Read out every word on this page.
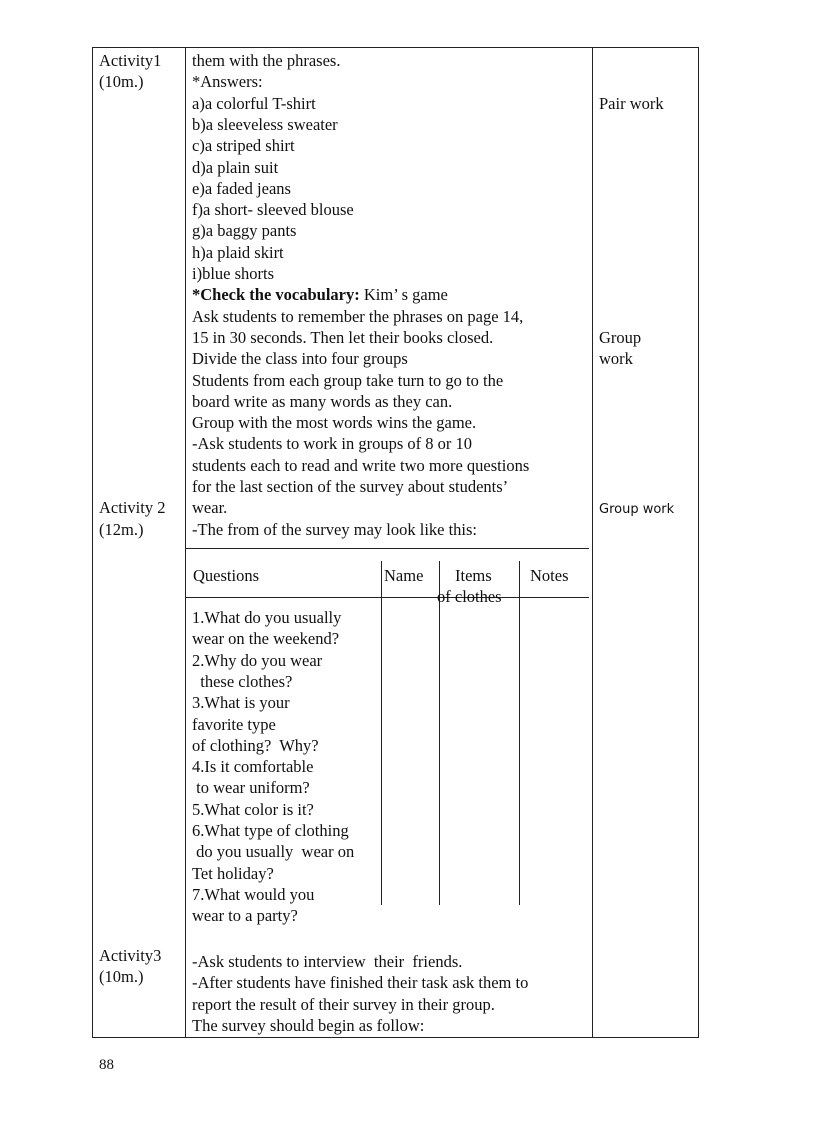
Activity1
(10m.)
Activity 2
(12m.)
Activity3
(10m.)
them with the phrases.
*Answers:
a)a colorful T-shirt
b)a sleeveless sweater
c)a striped shirt
d)a plain suit
e)a faded jeans
f)a short- sleeved blouse
g)a baggy pants
h)a plaid skirt
i)blue shorts
*Check the vocabulary: Kim’ s game
Ask students to remember the phrases on page 14,
15 in 30 seconds. Then let their books closed.
Divide the class into four groups
Students from each group take turn to go to the
board write as many words as they can.
Group with the most words wins the game.
-Ask students to work in groups of 8 or 10
students each to read and write two more questions
for the last section of the survey about students’
wear.
-The from of the survey may look like this:
Questions	Name Items
of clothes
Notes
1.What do you usually
wear on the weekend?
2.Why do you wear
these clothes?
3.What is your
favorite type
of clothing?  Why?
4.Is it comfortable
to wear uniform?
5.What color is it?
6.What type of clothing
do you usually  wear on
Tet holiday?
7.What would you
wear to a party?
-Ask students to interview  their  friends.
-After students have finished their task ask them to
report the result of their survey in their group.
The survey should begin as follow:
Pair work
Group
work
Group work
88
